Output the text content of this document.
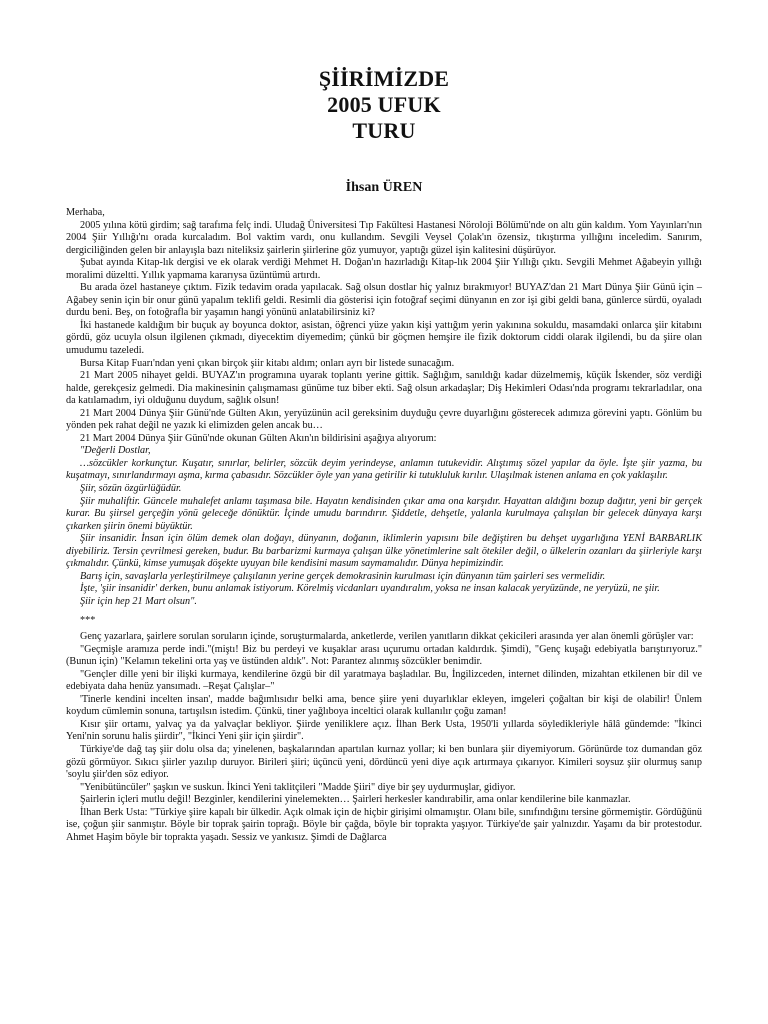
ŞİİRİMİZDE
2005 UFUK
TURU
İhsan ÜREN

Merhaba,

2005 yılına kötü girdim; sağ tarafıma felç indi. Uludağ Üniversitesi Tıp Fakültesi Hastanesi Nöroloji Bölümü'nde on altı gün kaldım. Yom Yayınları'nın 2004 Şiir Yıllığı'nı orada kurcaladım. Bol vaktim vardı, onu kullandım. Sevgili Veysel Çolak'ın özensiz, tıkıştırma yıllığını inceledim. Sanırım, dergiciliğinden gelen bir anlayışla bazı niteliksiz şairlerin şiirlerine göz yumuyor, yaptığı güzel işin kalitesini düşürüyor.

Şubat ayında Kitap-lık dergisi ve ek olarak verdiği Mehmet H. Doğan'ın hazırladığı Kitap-lık 2004 Şiir Yıllığı çıktı. Sevgili Mehmet Ağabeyin yıllığı moralimi düzeltti. Yıllık yapmama kararıysa üzüntümü artırdı.

Bu arada özel hastaneye çıktım. Fizik tedavim orada yapılacak. Sağ olsun dostlar hiç yalnız bırakmıyor! BUYAZ'dan 21 Mart Dünya Şiir Günü için – Ağabey senin için bir onur günü yapalım teklifi geldi. Resimli dia gösterisi için fotoğraf seçimi dünyanın en zor işi gibi geldi bana, günlerce sürdü, oyaladı durdu beni. Beş, on fotoğrafla bir yaşamın hangi yönünü anlatabilirsiniz ki?

İki hastanede kaldığım bir buçuk ay boyunca doktor, asistan, öğrenci yüze yakın kişi yattığım yerin yakınına sokuldu, masamdaki onlarca şiir kitabını gördü, göz ucuyla olsun ilgilenen çıkmadı, diyecektim diyemedim; çünkü bir göçmen hemşire ile fizik doktorum ciddi olarak ilgilendi, bu da şiire olan umudumu tazeledi.

Bursa Kitap Fuarı'ndan yeni çıkan birçok şiir kitabı aldım; onları ayrı bir listede sunacağım.

21 Mart 2005 nihayet geldi. BUYAZ'ın programına uyarak toplantı yerine gittik. Sağlığım, sanıldığı kadar düzelmemiş, küçük İskender, söz verdiği halde, gerekçesiz gelmedi. Dia makinesinin çalışmaması günüme tuz biber ekti. Sağ olsun arkadaşlar; Diş Hekimleri Odası'nda programı tekrarladılar, ona da katılamadım, iyi olduğunu duydum, sağlık olsun!

21 Mart 2004 Dünya Şiir Günü'nde Gülten Akın, yeryüzünün acil gereksinim duyduğu çevre duyarlığını gösterecek adımıza görevini yaptı. Gönlüm bu yönden pek rahat değil ne yazık ki elimizden gelen ancak bu…

21 Mart 2004 Dünya Şiir Günü'nde okunan Gülten Akın'ın bildirisini aşağıya alıyorum:

"Değerli Dostlar,

…sözcükler korkunçtur. Kuşatır, sınırlar, belirler, sözcük deyim yerindeyse, anlamın tutukevidir. Alıştımış sözel yapılar da öyle. İşte şiir yazma, bu kuşatmayı, sınırlandırmayı aşma, kırma çabasıdır. Sözcükler öyle yan yana getirilir ki tutukluluk kırılır. Ulaşılmak istenen anlama en çok yaklaşılır.

Şiir, sözün özgürlüğüdür.

Şiir muhaliftir. Güncele muhalefet anlamı taşımasa bile. Hayatın kendisinden çıkar ama ona karşıdır. Hayattan aldığını bozup dağıtır, yeni bir gerçek kurar. Bu şiirsel gerçeğin yönü geleceğe dönüktür. İçinde umudu barındırır. Şiddetle, dehşetle, yalanla kurulmaya çalışılan bir gelecek dünyaya karşı çıkarken şiirin önemi büyüktür.

Şiir insanidir. İnsan için ölüm demek olan doğayı, dünyanın, doğanın, iklimlerin yapısını bile değiştiren bu dehşet uygarlığına YENİ BARBARLIK diyebiliriz. Tersin çevrilmesi gereken, budur. Bu barbarizmi kurmaya çalışan ülke yönetimlerine salt ötekiler değil, o ülkelerin ozanları da şiirleriyle karşı çıkmalıdır. Çünkü, kimse yumuşak döşekte uyuyan bile kendisini masum saymamalıdır. Dünya hepimizindir.

Barış için, savaşlarla yerleştirilmeye çalışılanın yerine gerçek demokrasinin kurulması için dünyanın tüm şairleri ses vermelidir.

İşte, 'şiir insanidir' derken, bunu anlamak istiyorum. Körelmiş vicdanları uyandıralım, yoksa ne insan kalacak yeryüzünde, ne yeryüzü, ne şiir.

Şiir için hep 21 Mart olsun".

***

Genç yazarlara, şairlere sorulan soruların içinde, soruşturmalarda, anketlerde, verilen yanıtların dikkat çekicileri arasında yer alan önemli görüşler var:

"Geçmişle aramıza perde indi."(miştı! Biz bu perdeyi ve kuşaklar arası uçurumu ortadan kaldırdık. Şimdi), "Genç kuşağı edebiyatla barıştırıyoruz." (Bunun için) "Kelamın tekelini orta yaş ve üstünden aldık". Not: Parantez alınmış sözcükler benimdir.

"Gençler dille yeni bir ilişki kurmaya, kendilerine özgü bir dil yaratmaya başladılar. Bu, İngilizceden, internet dilinden, mizahtan etkilenen bir dil ve edebiyata daha henüz yansımadı. –Reşat Çalışlar–"

'Tinerle kendini incelten insan', madde bağımlısıdır belki ama, bence şiire yeni duyarlıklar ekleyen, imgeleri çoğaltan bir kişi de olabilir! Ünlem koydum cümlemin sonuna, tartışılsın istedim. Çünkü, tiner yağlıboya inceltici olarak kullanılır çoğu zaman!

Kısır şiir ortamı, yalvaç ya da yalvaçlar bekliyor. Şiirde yeniliklere açız. İlhan Berk Usta, 1950'li yıllarda söyledikleriyle hâlâ gündemde: "İkinci Yeni'nin sorunu halis şiirdir", "İkinci Yeni şiir için şiirdir".

Türkiye'de dağ taş şiir dolu olsa da; yinelenen, başkalarından apartılan kurnaz yollar; ki ben bunlara şiir diyemiyorum. Görünürde toz dumandan göz gözü görmüyor. Sıkıcı şiirler yazılıp duruyor. Birileri şiiri; üçüncü yeni, dördüncü yeni diye açık artırmaya çıkarıyor. Kimileri soysuz şiir olurmuş sanıp 'soylu şiir'den söz ediyor.

"Yenibütüncüler" şaşkın ve suskun. İkinci Yeni taklitçileri "Madde Şiiri" diye bir şey uydurmuşlar, gidiyor.

Şairlerin içleri mutlu değil! Bezginler, kendilerini yinelemekten… Şairleri herkesler kandırabilir, ama onlar kendilerine bile kanmazlar.

İlhan Berk Usta: "Türkiye şiire kapalı bir ülkedir. Açık olmak için de hiçbir girişimi olmamıştır. Olanı bile, sınıfındığını tersine görmemiştir. Gördüğünü ise, çoğun şiir sanmıştır. Böyle bir toprak şairin toprağı. Böyle bir çağda, böyle bir toprakta yaşıyor. Türkiye'de şair yalnızdır. Yaşamı da bir protestodur. Ahmet Haşim böyle bir toprakta yaşadı. Sessiz ve yankısız. Şimdi de Dağlarca
